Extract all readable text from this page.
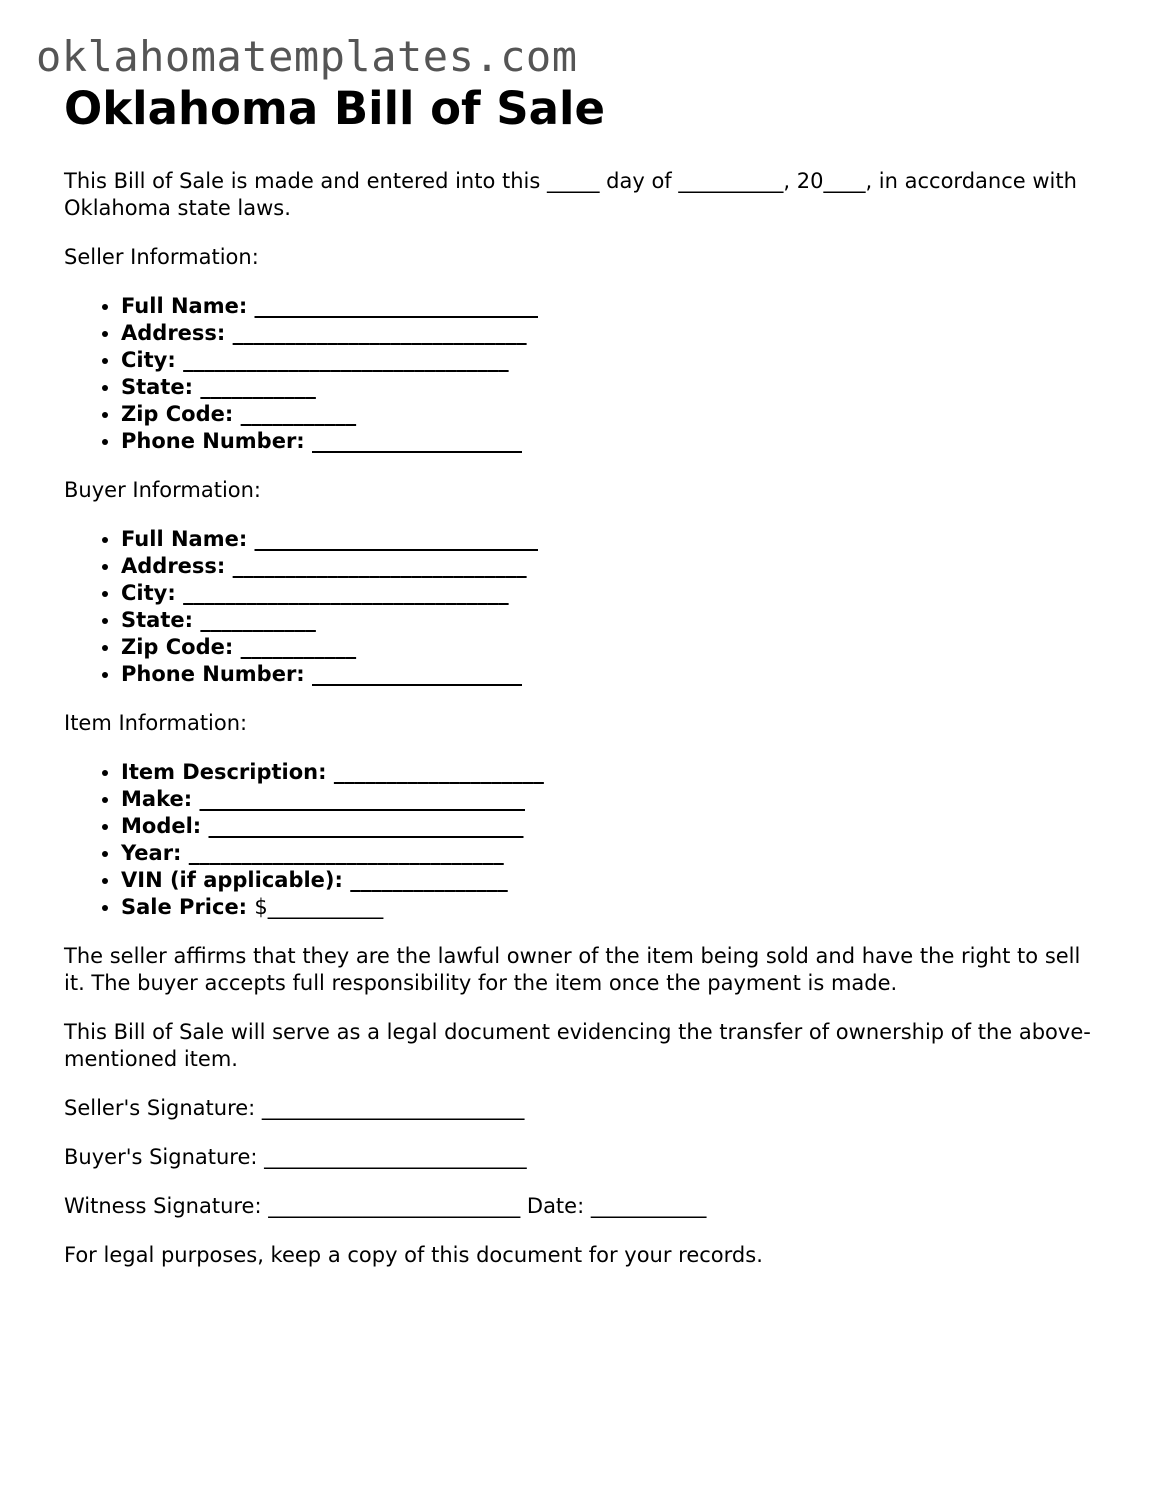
oklahomatemplates.com
Oklahoma Bill of Sale

This Bill of Sale is made and entered into this _____ day of __________, 20____, in accordance with Oklahoma state laws.

Seller Information:

• Full Name: ___________________________
• Address: ____________________________
• City: _______________________________
• State: ___________
• Zip Code: ___________
• Phone Number: ____________________

Buyer Information:

• Full Name: ___________________________
• Address: ____________________________
• City: _______________________________
• State: ___________
• Zip Code: ___________
• Phone Number: ____________________

Item Information:

• Item Description: ____________________
• Make: _______________________________
• Model: ______________________________
• Year: ______________________________
• VIN (if applicable): _______________
• Sale Price: $___________

The seller affirms that they are the lawful owner of the item being sold and have the right to sell it. The buyer accepts full responsibility for the item once the payment is made.

This Bill of Sale will serve as a legal document evidencing the transfer of ownership of the above-mentioned item.

Seller's Signature: _________________________

Buyer's Signature: _________________________

Witness Signature: ________________________ Date: ___________

For legal purposes, keep a copy of this document for your records.
